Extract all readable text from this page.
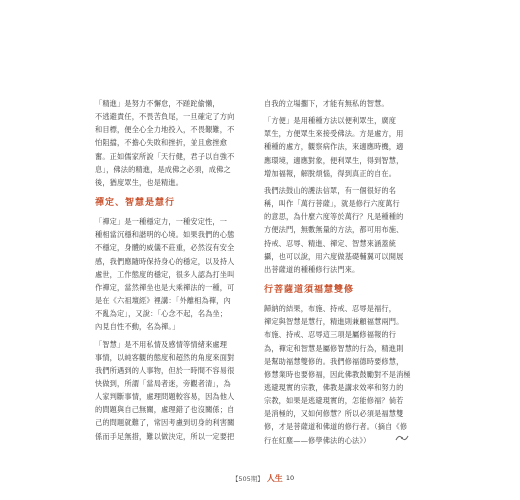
「精進」是努力不懈怠，不蹉跎偷懶，

不逃避責任，不畏苦負尾，一旦確定了方向

和目標，便全心全力地投入，不畏艱難，不

怕阻擋，不擔心失敗和挫折，並且愈挫愈

奮。正如儒家所說「天行健，君子以自強不

息」，佛法的精進，是成佛之必須，成佛之

後，猶度眾生，也是精進。

禪定、智慧是慧行

「禪定」是一種穩定力，一種安定性，一

種相當沉穩和諧明的心境。如果我們的心態

不穩定，身體的威儀不莊重，必然沒有安全

感，我們應隨時保持身心的穩定，以及持人

處世，工作態度的穩定，很多人認為打坐叫

作禪定，當然禪坐也是大乘禪法的一種，可

是在《六祖壇經》裡講：「外離相為禪，內

不亂為定」，又說：「心念不起，名為坐；

內見自性不動，名為禪。」

「智慧」是不用私情及感情等情緒來處理

事情，以純客觀的態度和超然的角度來面對

我們所遇到的人事物，但於一時間不容易很

快做到，所謂「當局者迷，旁觀者清」，為

人家判斷事情，處理問題較容易，因為他人

的問題與自己無關，處理錯了也沒關係；自

己的問題就難了，常因考慮到切身的利害關

係而手足無措，難以做決定，所以一定要把

自我的立場擱下，才能有無私的智慧。

「方便」是用種種方法以便利眾生，廣度

眾生，方便眾生來接受佛法。方是處方，用

種種的處方，觀察病作法，來適應時機，適

應環境，適應對象，便利眾生，得到智慧，

增加福報，解脫煩惱，得到真正的自在。

我們法鼓山的護法信眾，有一個很好的名

稱，叫作「萬行菩薩」，就是修行六度萬行

的意思，為什麼六度等於萬行？凡是種種的

方便法門，無數無量的方法，都可用布施、

持戒、忍辱、精進、禪定、智慧來涵蓋統

攝，也可以說，用六度做基礎輔翼可以開展

出菩薩道的種種修行法門來。

行菩薩道須福慧雙修

歸納的結果，布施、持戒、忍辱是福行，

禪定與智慧是慧行，精進則兼顧福慧兩門。

布施、持戒、忍辱這三項是屬修福報的行

為，禪定和智慧是屬修智慧的行為，精進則

是幫助福慧雙修的。我們修福德時要修慧，

修慧業時也要修福，因此佛教鼓勵對不是消極

逃避現實的宗教，佛教是講求效率和努力的

宗教，如果是逃避現實的，怎能修福？倘若

是消極的，又如何修慧？所以必須是福慧雙

修，才是菩薩道和佛道的修行者。（摘自《修

行在紅塵——修學佛法的心法》）

【505期】 人生 10
